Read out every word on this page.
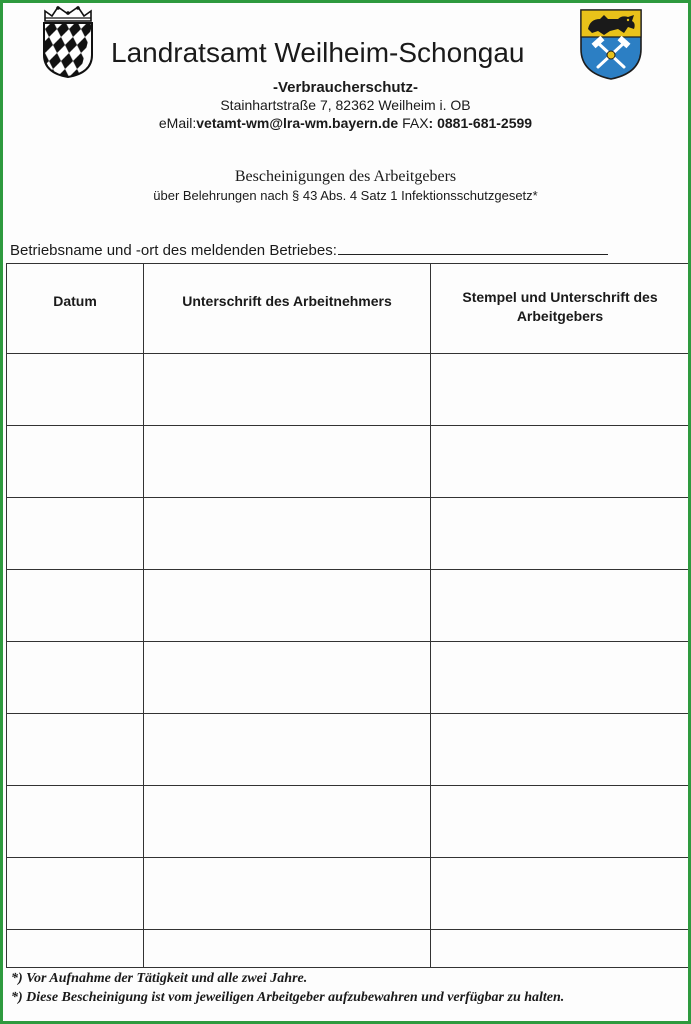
Landratsamt Weilheim-Schongau
-Verbraucherschutz-
Stainhartstraße 7, 82362 Weilheim i. OB
eMail:vetamt-wm@lra-wm.bayern.de FAX: 0881-681-2599
Bescheinigungen des Arbeitgebers
über Belehrungen nach § 43 Abs. 4 Satz 1 Infektionsschutzgesetz*
Betriebsname und -ort des meldenden Betriebes:
Datum	Unterschrift des Arbeitnehmers	Stempel und Unterschrift des Arbeitgebers

*) Vor Aufnahme der Tätigkeit und alle zwei Jahre.

*) Diese Bescheinigung ist vom jeweiligen Arbeitgeber aufzubewahren und verfügbar zu halten.
